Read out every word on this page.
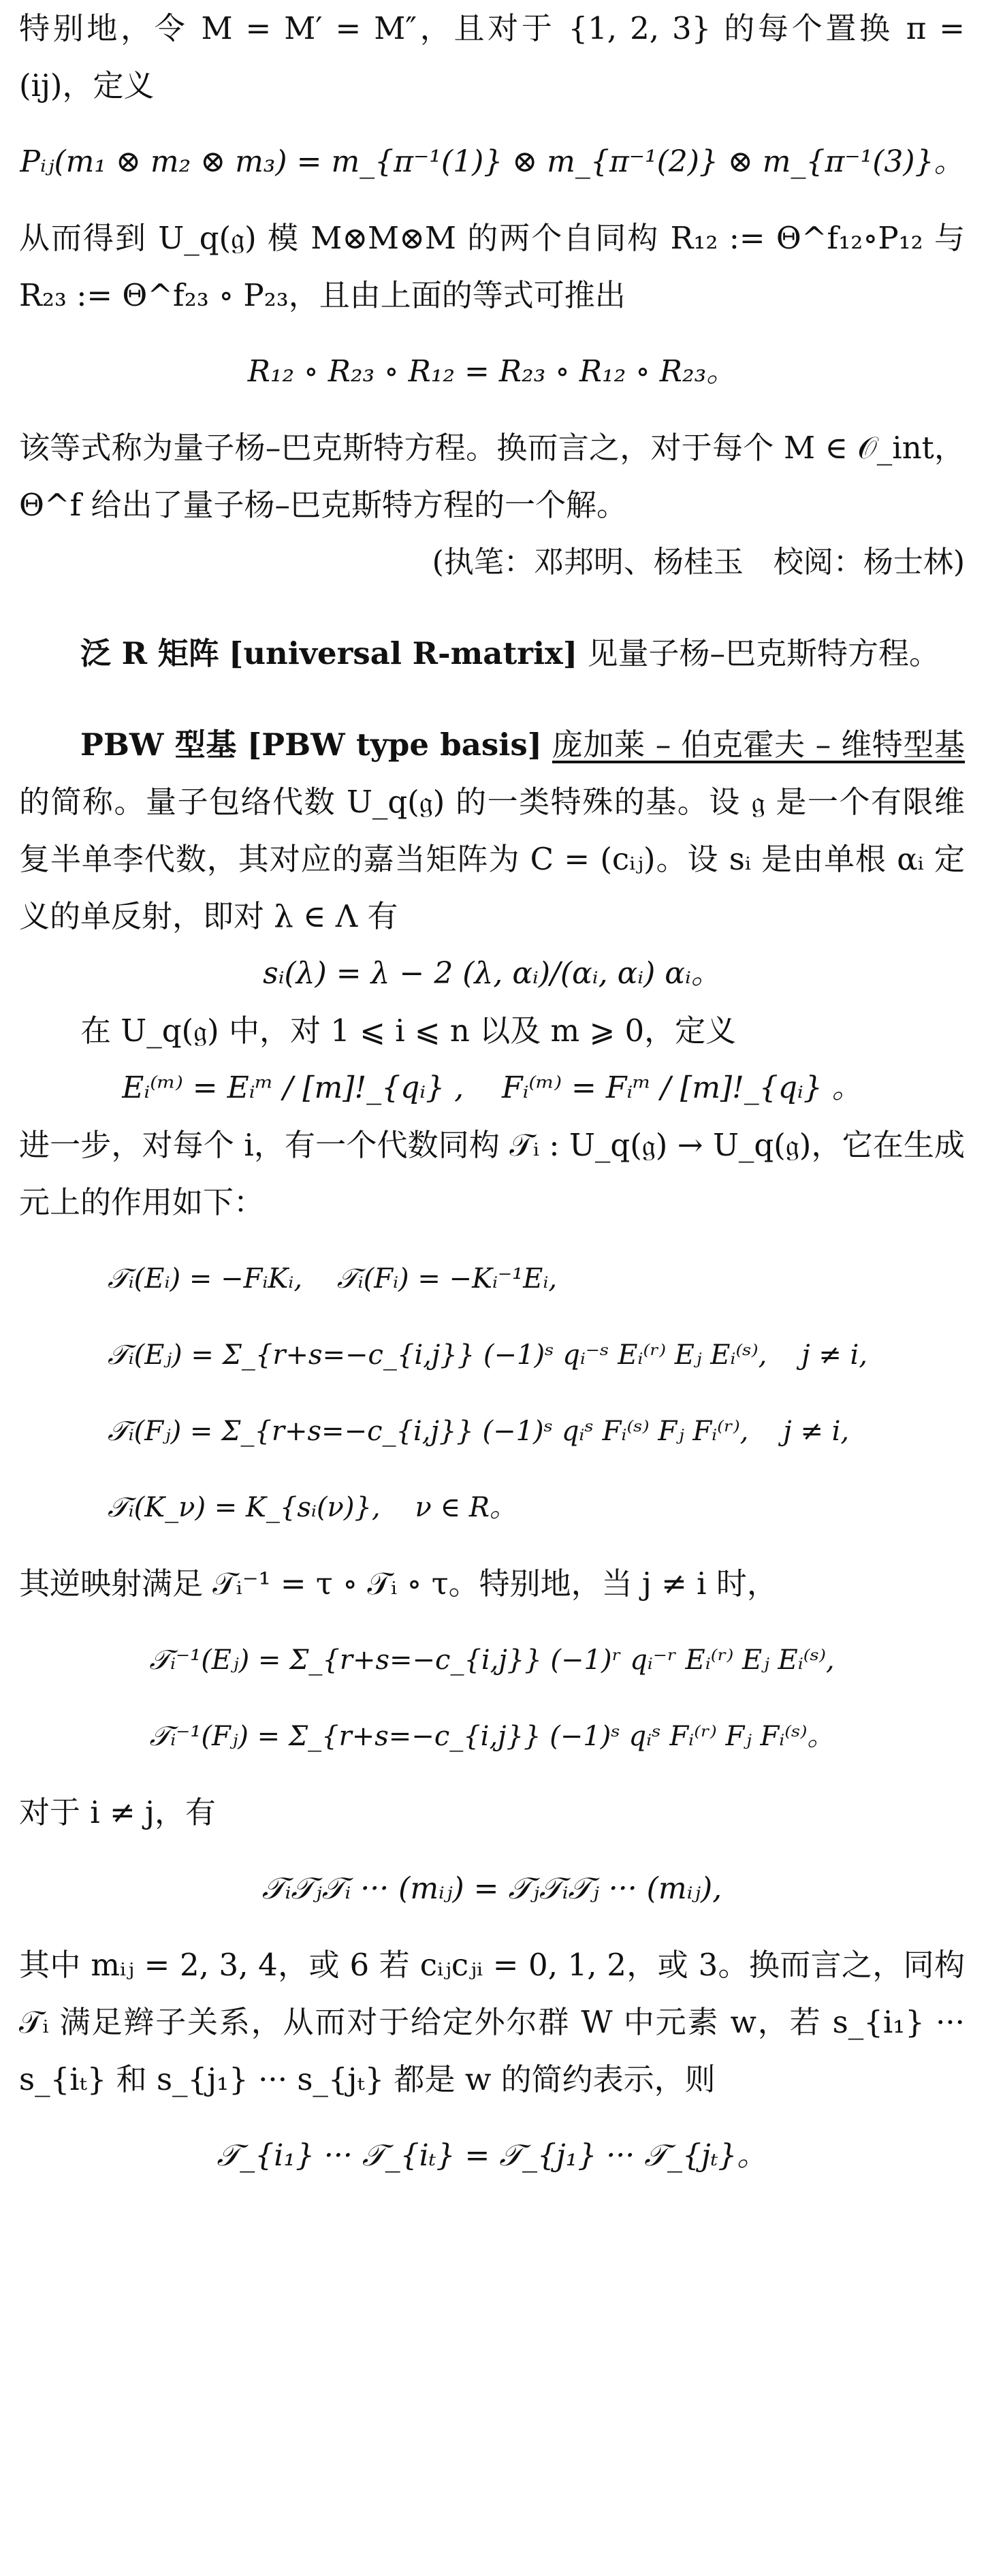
特别地，令 M = M′ = M″，且对于 {1, 2, 3} 的每个置换 π = (ij)，定义

Pᵢⱼ(m₁ ⊗ m₂ ⊗ m₃) = m_{π⁻¹(1)} ⊗ m_{π⁻¹(2)} ⊗ m_{π⁻¹(3)}。

从而得到 U_q(𝔤) 模 M⊗M⊗M 的两个自同构 R₁₂ := Θ^f₁₂∘P₁₂ 与 R₂₃ := Θ^f₂₃ ∘ P₂₃，且由上面的等式可推出

R₁₂ ∘ R₂₃ ∘ R₁₂ = R₂₃ ∘ R₁₂ ∘ R₂₃。

该等式称为量子杨–巴克斯特方程。换而言之，对于每个 M ∈ 𝒪_int，Θ^f 给出了量子杨–巴克斯特方程的一个解。

(执笔：邓邦明、杨桂玉　校阅：杨士林)

泛 R 矩阵 [universal R-matrix] 见量子杨–巴克斯特方程。

PBW 型基 [PBW type basis] 庞加莱 – 伯克霍夫 – 维特型基的简称。量子包络代数 U_q(𝔤) 的一类特殊的基。设 𝔤 是一个有限维复半单李代数，其对应的嘉当矩阵为 C = (cᵢⱼ)。设 sᵢ 是由单根 αᵢ 定义的单反射，即对 λ ∈ Λ 有

sᵢ(λ) = λ − 2 (λ, αᵢ)/(αᵢ, αᵢ) αᵢ。

在 U_q(𝔤) 中，对 1 ⩽ i ⩽ n 以及 m ⩾ 0，定义

Eᵢ⁽ᵐ⁾ = Eᵢᵐ / [m]!_{qᵢ} ,    Fᵢ⁽ᵐ⁾ = Fᵢᵐ / [m]!_{qᵢ} 。

进一步，对每个 i，有一个代数同构 𝒯ᵢ : U_q(𝔤) → U_q(𝔤)，它在生成元上的作用如下：

𝒯ᵢ(Eᵢ) = −FᵢKᵢ,    𝒯ᵢ(Fᵢ) = −Kᵢ⁻¹Eᵢ,

𝒯ᵢ(Eⱼ) = Σ_{r+s=−c_{i,j}} (−1)ˢ qᵢ⁻ˢ Eᵢ⁽ʳ⁾ Eⱼ Eᵢ⁽ˢ⁾,    j ≠ i,

𝒯ᵢ(Fⱼ) = Σ_{r+s=−c_{i,j}} (−1)ˢ qᵢˢ Fᵢ⁽ˢ⁾ Fⱼ Fᵢ⁽ʳ⁾,    j ≠ i,

𝒯ᵢ(K_ν) = K_{sᵢ(ν)},    ν ∈ R。

其逆映射满足 𝒯ᵢ⁻¹ = τ ∘ 𝒯ᵢ ∘ τ。特别地，当 j ≠ i 时，

𝒯ᵢ⁻¹(Eⱼ) = Σ_{r+s=−c_{i,j}} (−1)ʳ qᵢ⁻ʳ Eᵢ⁽ʳ⁾ Eⱼ Eᵢ⁽ˢ⁾,

𝒯ᵢ⁻¹(Fⱼ) = Σ_{r+s=−c_{i,j}} (−1)ˢ qᵢˢ Fᵢ⁽ʳ⁾ Fⱼ Fᵢ⁽ˢ⁾。

对于 i ≠ j，有

𝒯ᵢ𝒯ⱼ𝒯ᵢ ··· (mᵢⱼ) = 𝒯ⱼ𝒯ᵢ𝒯ⱼ ··· (mᵢⱼ),

其中 mᵢⱼ = 2, 3, 4，或 6 若 cᵢⱼcⱼᵢ = 0, 1, 2，或 3。换而言之，同构 𝒯ᵢ 满足辫子关系，从而对于给定外尔群 W 中元素 w，若 s_{i₁} ··· s_{iₜ} 和 s_{j₁} ··· s_{jₜ} 都是 w 的简约表示，则

𝒯_{i₁} ··· 𝒯_{iₜ} = 𝒯_{j₁} ··· 𝒯_{jₜ}。
